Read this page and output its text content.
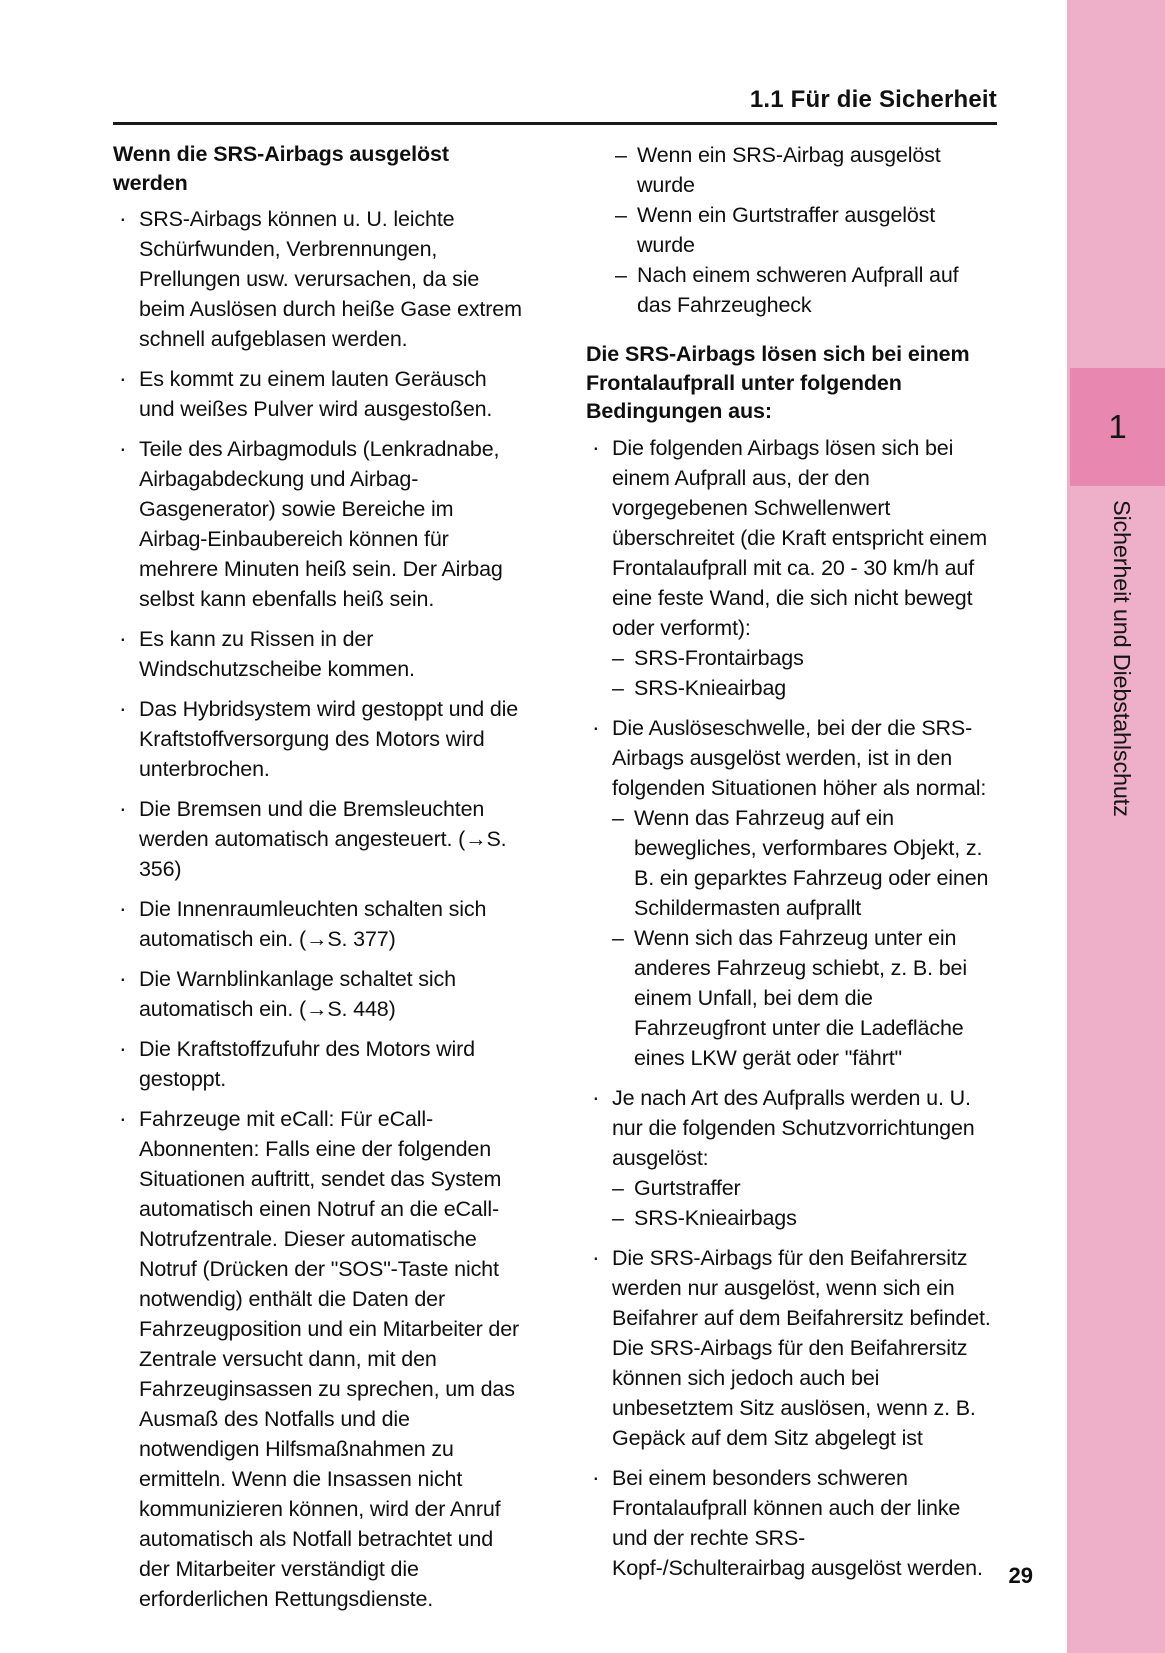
1
Sicherheit und Diebstahlschutz
1.1 Für die Sicherheit
Wenn die SRS-Airbags ausgelöst werden
· SRS-Airbags können u. U. leichte Schürfwunden, Verbrennungen, Prellungen usw. verursachen, da sie beim Auslösen durch heiße Gase extrem schnell aufgeblasen werden.
· Es kommt zu einem lauten Geräusch und weißes Pulver wird ausgestoßen.
· Teile des Airbagmoduls (Lenkradnabe, Airbagabdeckung und Airbag-Gasgenerator) sowie Bereiche im Airbag-Einbaubereich können für mehrere Minuten heiß sein. Der Airbag selbst kann ebenfalls heiß sein.
· Es kann zu Rissen in der Windschutzscheibe kommen.
· Das Hybridsystem wird gestoppt und die Kraftstoffversorgung des Motors wird unterbrochen.
· Die Bremsen und die Bremsleuchten werden automatisch angesteuert. (→S. 356)
· Die Innenraumleuchten schalten sich automatisch ein. (→S. 377)
· Die Warnblinkanlage schaltet sich automatisch ein. (→S. 448)
· Die Kraftstoffzufuhr des Motors wird gestoppt.
· Fahrzeuge mit eCall: Für eCall-Abonnenten: Falls eine der folgenden Situationen auftritt, sendet das System automatisch einen Notruf an die eCall-Notrufzentrale. Dieser automatische Notruf (Drücken der "SOS"-Taste nicht notwendig) enthält die Daten der Fahrzeugposition und ein Mitarbeiter der Zentrale versucht dann, mit den Fahrzeuginsassen zu sprechen, um das Ausmaß des Notfalls und die notwendigen Hilfsmaßnahmen zu ermitteln. Wenn die Insassen nicht kommunizieren können, wird der Anruf automatisch als Notfall betrachtet und der Mitarbeiter verständigt die erforderlichen Rettungsdienste.
– Wenn ein SRS-Airbag ausgelöst wurde
– Wenn ein Gurtstraffer ausgelöst wurde
– Nach einem schweren Aufprall auf das Fahrzeugheck
Die SRS-Airbags lösen sich bei einem Frontalaufprall unter folgenden Bedingungen aus:
· Die folgenden Airbags lösen sich bei einem Aufprall aus, der den vorgegebenen Schwellenwert überschreitet (die Kraft entspricht einem Frontalaufprall mit ca. 20 - 30 km/h auf eine feste Wand, die sich nicht bewegt oder verformt):
– SRS-Frontairbags
– SRS-Knieairbag
· Die Auslöseschwelle, bei der die SRS-Airbags ausgelöst werden, ist in den folgenden Situationen höher als normal:
– Wenn das Fahrzeug auf ein bewegliches, verformbares Objekt, z. B. ein geparktes Fahrzeug oder einen Schildermasten aufprallt
– Wenn sich das Fahrzeug unter ein anderes Fahrzeug schiebt, z. B. bei einem Unfall, bei dem die Fahrzeugfront unter die Ladefläche eines LKW gerät oder "fährt"
· Je nach Art des Aufpralls werden u. U. nur die folgenden Schutzvorrichtungen ausgelöst:
– Gurtstraffer
– SRS-Knieairbags
· Die SRS-Airbags für den Beifahrersitz werden nur ausgelöst, wenn sich ein Beifahrer auf dem Beifahrersitz befindet. Die SRS-Airbags für den Beifahrersitz können sich jedoch auch bei unbesetztem Sitz auslösen, wenn z. B. Gepäck auf dem Sitz abgelegt ist
· Bei einem besonders schweren Frontalaufprall können auch der linke und der rechte SRS-Kopf-/Schulterairbag ausgelöst werden.	29
